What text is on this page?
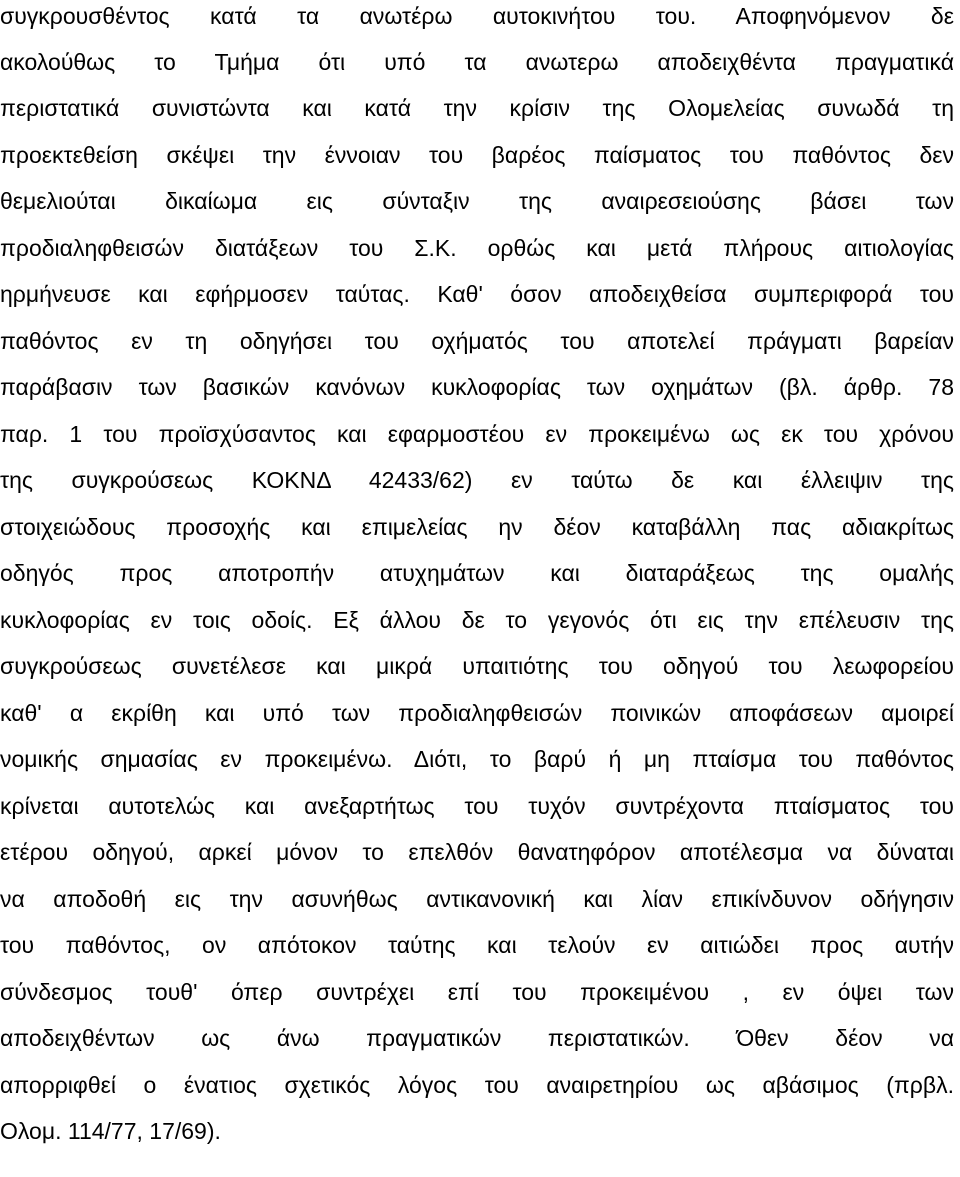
συγκρουσθέντος κατά τα ανωτέρω αυτοκινήτου του. Αποφηνόμενον δε
ακολούθως το Τμήμα ότι υπό τα ανωτερω αποδειχθέντα πραγματικά
περιστατικά συνιστώντα και κατά την κρίσιν της Ολομελείας συνωδά τη
προεκτεθείση σκέψει την έννοιαν του βαρέος παίσματος του παθόντος δεν
θεμελιούται δικαίωμα εις σύνταξιν της αναιρεσειούσης βάσει των
προδιαληφθεισών διατάξεων του Σ.Κ. ορθώς και μετά πλήρους αιτιολογίας
ηρμήνευσε και εφήρμοσεν ταύτας. Καθ' όσον αποδειχθείσα συμπεριφορά του
παθόντος εν τη οδηγήσει του οχήματός του αποτελεί πράγματι βαρείαν
παράβασιν των βασικών κανόνων κυκλοφορίας των οχημάτων (βλ. άρθρ. 78
παρ. 1 του προϊσχύσαντος και εφαρμοστέου εν προκειμένω ως εκ του χρόνου
της συγκρούσεως ΚΟΚΝΔ 42433/62) εν ταύτω δε και έλλειψιν της
στοιχειώδους προσοχής και επιμελείας ην δέον καταβάλλη πας αδιακρίτως
οδηγός προς αποτροπήν ατυχημάτων και διαταράξεως της ομαλής
κυκλοφορίας εν τοις οδοίς. Εξ άλλου δε το γεγονός ότι εις την επέλευσιν της
συγκρούσεως συνετέλεσε και μικρά υπαιτιότης του οδηγού του λεωφορείου
καθ' α εκρίθη και υπό των προδιαληφθεισών ποινικών αποφάσεων αμοιρεί
νομικής σημασίας εν προκειμένω. Διότι, το βαρύ ή μη πταίσμα του παθόντος
κρίνεται αυτοτελώς και ανεξαρτήτως του τυχόν συντρέχοντα πταίσματος του
ετέρου οδηγού, αρκεί μόνον το επελθόν θανατηφόρον αποτέλεσμα να δύναται
να αποδοθή εις την ασυνήθως αντικανονική και λίαν επικίνδυνον οδήγησιν
του παθόντος, ον απότοκον ταύτης και τελούν εν αιτιώδει προς αυτήν
σύνδεσμος τουθ' όπερ συντρέχει επί του προκειμένου , εν όψει των
αποδειχθέντων ως άνω πραγματικών περιστατικών. Όθεν δέον να
απορριφθεί ο ένατιος σχετικός λόγος του αναιρετηρίου ως αβάσιμος (πρβλ.
Ολομ. 114/77, 17/69).
